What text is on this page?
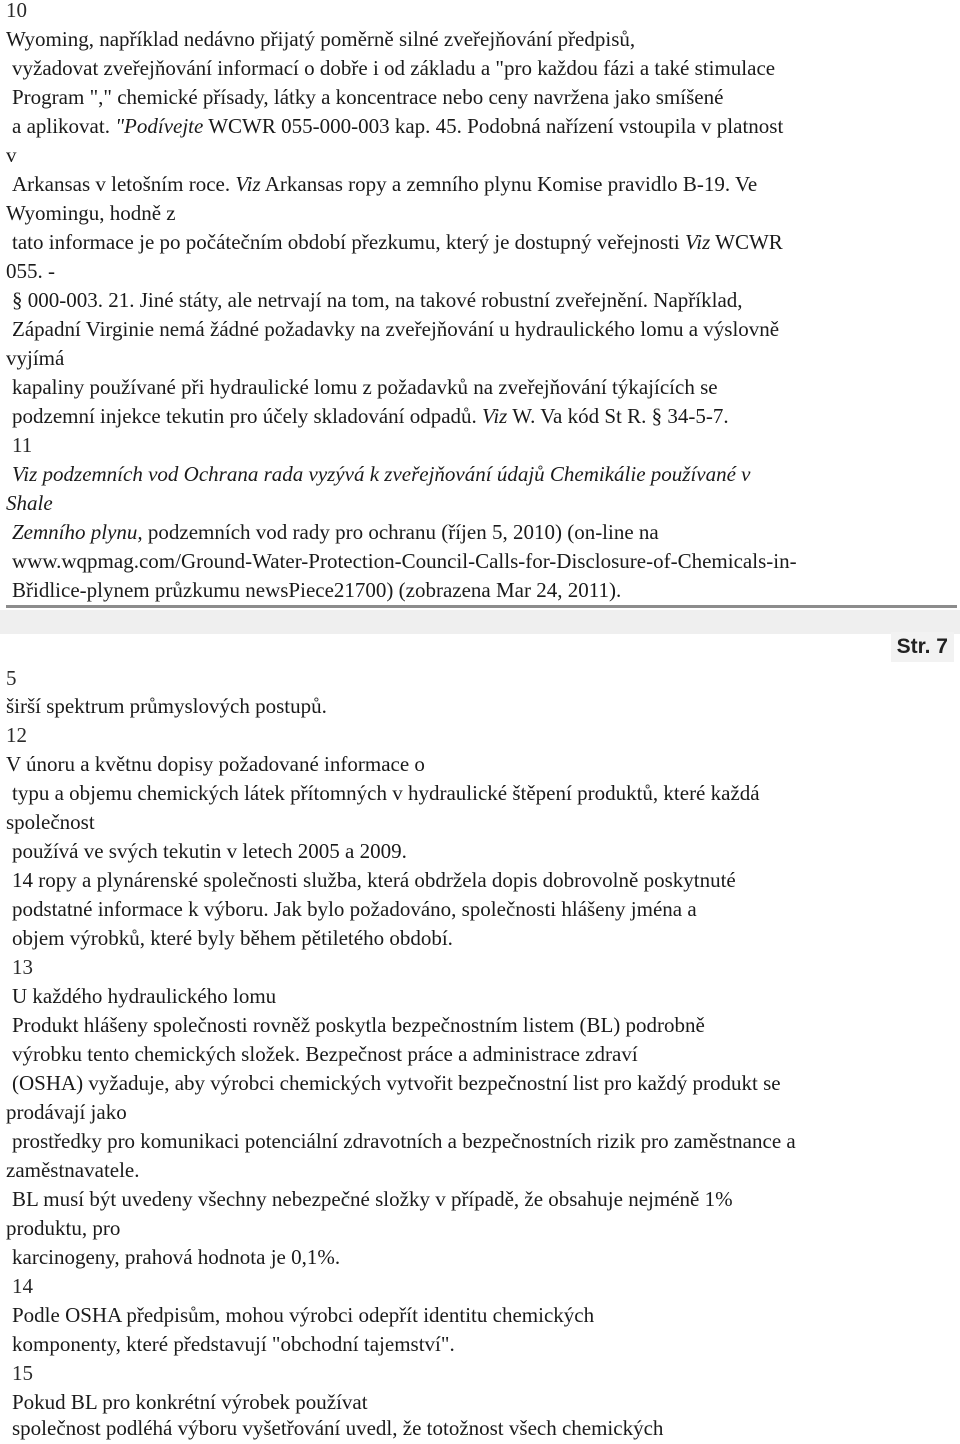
10
Wyoming, například nedávno přijatý poměrně silné zveřejňování předpisů,
vyžadovat zveřejňování informací o dobře i od základu a "pro každou fázi a také stimulace
Program "," chemické přísady, látky a koncentrace nebo ceny navržena jako smíšené
a aplikovat. "Podívejte WCWR 055-000-003 kap. 45. Podobná nařízení vstoupila v platnost
v
Arkansas v letošním roce. Viz Arkansas ropy a zemního plynu Komise pravidlo B-19. Ve
Wyomingu, hodně z
tato informace je po počátečním období přezkumu, který je dostupný veřejnosti Viz WCWR
055. -
§ 000-003. 21. Jiné státy, ale netrvají na tom, na takové robustní zveřejnění. Například,
Západní Virginie nemá žádné požadavky na zveřejňování u hydraulického lomu a výslovně
vyjímá
kapaliny používané při hydraulické lomu z požadavků na zveřejňování týkajících se
podzemní injekce tekutin pro účely skladování odpadů. Viz W. Va kód St R. § 34-5-7.
11
Viz podzemních vod Ochrana rada vyzývá k zveřejňování údajů Chemikálie používané v
Shale
Zemního plynu, podzemních vod rady pro ochranu (říjen 5, 2010) (on-line na
www.wqpmag.com/Ground-Water-Protection-Council-Calls-for-Disclosure-of-Chemicals-in-
Břidlice-plynem průzkumu newsPiece21700) (zobrazena Mar 24, 2011).
Str. 7
5
širší spektrum průmyslových postupů.
12
V únoru a květnu dopisy požadované informace o
typu a objemu chemických látek přítomných v hydraulické štěpení produktů, které každá
společnost
používá ve svých tekutin v letech 2005 a 2009.
14 ropy a plynárenské společnosti služba, která obdržela dopis dobrovolně poskytnuté
podstatné informace k výboru. Jak bylo požadováno, společnosti hlášeny jména a
objem výrobků, které byly během pětiletého období.
13
U každého hydraulického lomu
Produkt hlášeny společnosti rovněž poskytla bezpečnostním listem (BL) podrobně
výrobku tento chemických složek. Bezpečnost práce a administrace zdraví
(OSHA) vyžaduje, aby výrobci chemických vytvořit bezpečnostní list pro každý produkt se
prodávají jako
prostředky pro komunikaci potenciální zdravotních a bezpečnostních rizik pro zaměstnance a
zaměstnavatele.
BL musí být uvedeny všechny nebezpečné složky v případě, že obsahuje nejméně 1%
produktu, pro
karcinogeny, prahová hodnota je 0,1%.
14
Podle OSHA předpisům, mohou výrobci odepřít identitu chemických
komponenty, které představují "obchodní tajemství".
15
Pokud BL pro konkrétní výrobek používat
společnost podléhá výboru vyšetřování uvedl, že totožnost všech chemických
